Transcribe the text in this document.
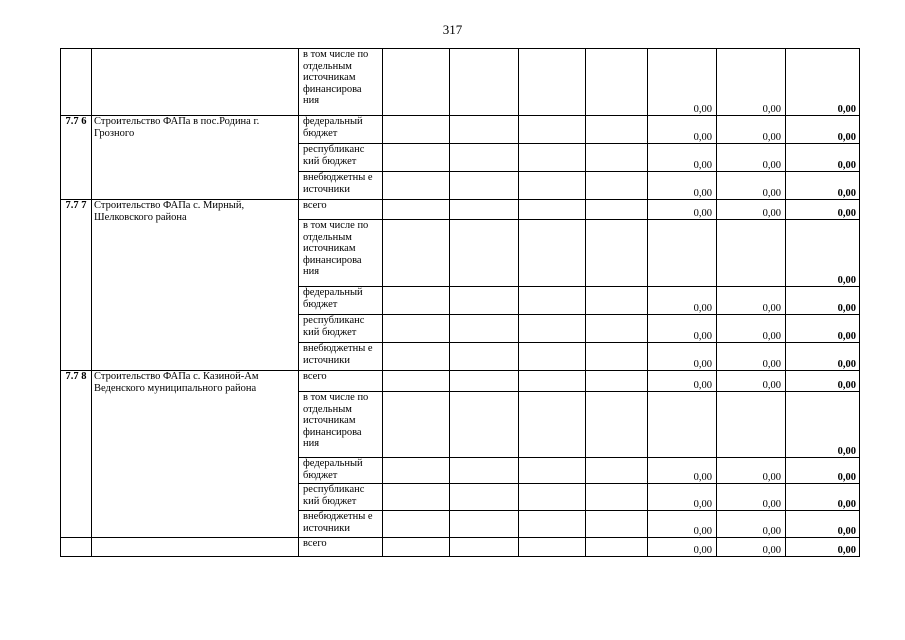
317
		в том числе по отдельным источникам финансирова ния					0,00	0,00	0,00
7.7 6	Строительство ФАПа в пос.Родина г. Грозного	федеральный бюджет					0,00	0,00	0,00
		республиканс кий бюджет					0,00	0,00	0,00
		внебюджетны е источники					0,00	0,00	0,00
7.7 7	Строительство ФАПа с. Мирный, Шелковского района	всего					0,00	0,00	0,00
		в том числе по отдельным источникам финансирова ния							0,00
		федеральный бюджет					0,00	0,00	0,00
		республиканс кий бюджет					0,00	0,00	0,00
		внебюджетны е источники					0,00	0,00	0,00
7.7 8	Строительство ФАПа с. Казиной-Ам Веденского муниципального района	всего					0,00	0,00	0,00
		в том числе по отдельным источникам финансирова ния							0,00
		федеральный бюджет					0,00	0,00	0,00
		республиканс кий бюджет					0,00	0,00	0,00
		внебюджетны е источники					0,00	0,00	0,00
		всего					0,00	0,00	0,00
